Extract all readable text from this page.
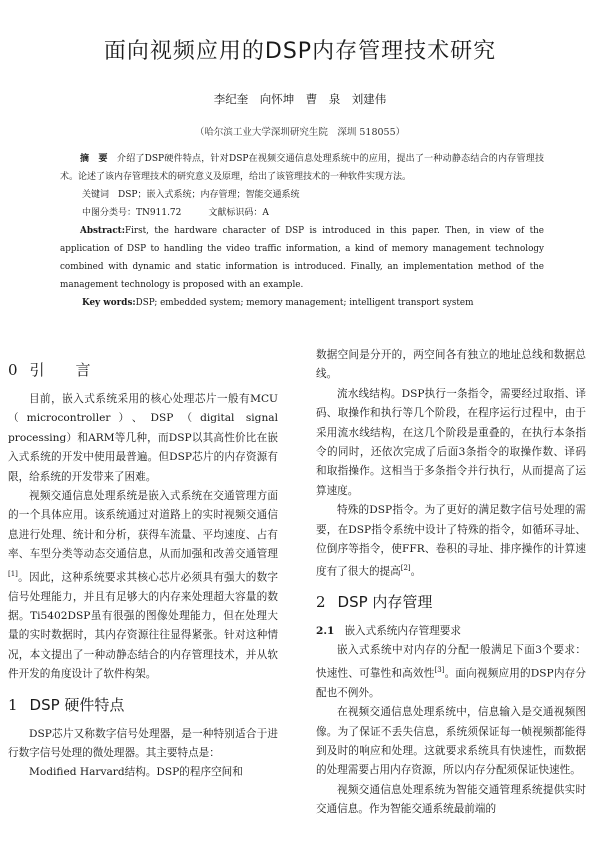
面向视频应用的DSP内存管理技术研究
李纪奎　向怀坤　曹　泉　刘建伟
（哈尔滨工业大学深圳研究生院　深圳 518055）

摘　要　 介绍了DSP硬件特点，针对DSP在视频交通信息处理系统中的应用，提出了一种动静态结合的内存管理技术。论述了该内存管理技术的研究意义及原理，给出了该管理技术的一种软件实现方法。

关键词　 DSP；嵌入式系统；内存管理；智能交通系统

中图分类号：TN911.72　　　	文献标识码：A

Abstract:First, the hardware character of DSP is introduced in this paper. Then, in view of the application of DSP to handling the video traffic information, a kind of memory management technology combined with dynamic and static information is introduced. Finally, an implementation method of the management technology is proposed with an example.

Key words:DSP; embedded system; memory management; intelligent transport system

0 引　言

目前，嵌入式系统采用的核心处理芯片一般有MCU（microcontroller）、DSP（digital signal processing）和ARM等几种，而DSP以其高性价比在嵌入式系统的开发中使用最普遍。但DSP芯片的内存资源有限，给系统的开发带来了困难。

视频交通信息处理系统是嵌入式系统在交通管理方面的一个具体应用。该系统通过对道路上的实时视频交通信息进行处理、统计和分析，获得车流量、平均速度、占有率、车型分类等动态交通信息，从而加强和改善交通管理[1]。因此，这种系统要求其核心芯片必须具有强大的数字信号处理能力，并且有足够大的内存来处理超大容量的数据。Ti5402DSP虽有很强的图像处理能力，但在处理大量的实时数据时，其内存资源往往显得紧张。针对这种情况，本文提出了一种动静态结合的内存管理技术，并从软件开发的角度设计了软件构架。

1 DSP 硬件特点

DSP芯片又称数字信号处理器，是一种特别适合于进行数字信号处理的微处理器。其主要特点是：

Modified Harvard结构。DSP的程序空间和

数据空间是分开的，两空间各有独立的地址总线和数据总线。

流水线结构。DSP执行一条指令，需要经过取指、译码、取操作和执行等几个阶段，在程序运行过程中，由于采用流水线结构，在这几个阶段是重叠的，在执行本条指令的同时，还依次完成了后面3条指令的取操作数、译码和取指操作。这相当于多条指令并行执行，从而提高了运算速度。

特殊的DSP指令。为了更好的满足数字信号处理的需要，在DSP指令系统中设计了特殊的指令，如循环寻址、位倒序等指令，使FFR、卷积的寻址、排序操作的计算速度有了很大的提高[2]。

2 DSP 内存管理
2.1 嵌入式系统内存管理要求

嵌入式系统中对内存的分配一般满足下面3个要求：快速性、可靠性和高效性[3]。面向视频应用的DSP内存分配也不例外。

在视频交通信息处理系统中，信息输入是交通视频图像。为了保证不丢失信息，系统须保证每一帧视频都能得到及时的响应和处理。这就要求系统具有快速性，而数据的处理需要占用内存资源，所以内存分配须保证快速性。

视频交通信息处理系统为智能交通管理系统提供实时交通信息。作为智能交通系统最前端的
